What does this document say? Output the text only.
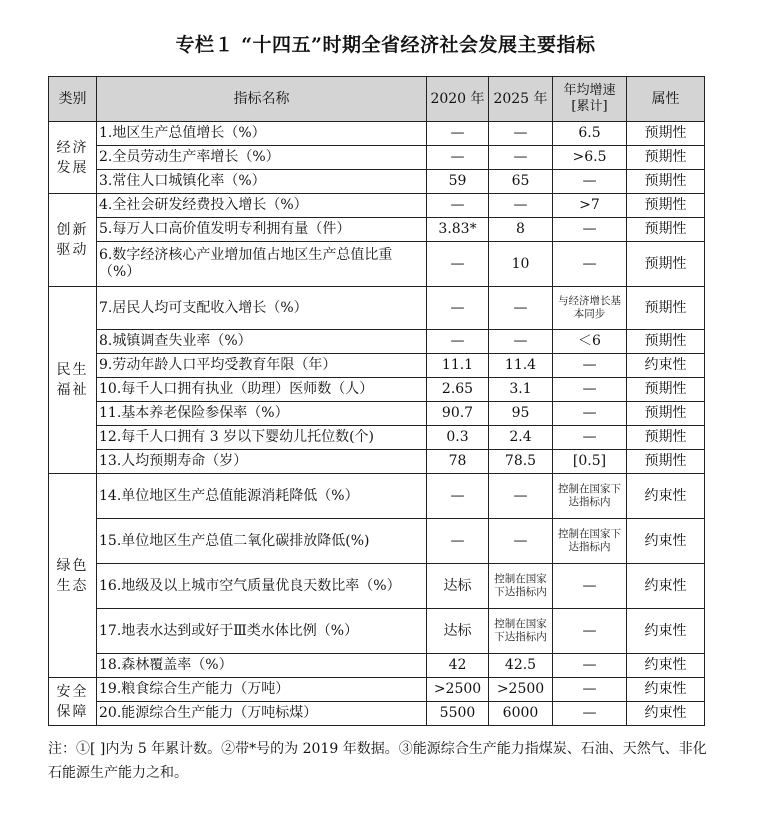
专栏１ “十四五”时期全省经济社会发展主要指标
类别	指标名称	2020 年	2025 年	年均增速[累计]	属性
经济发展	1.地区生产总值增长（%）	—	—	6.5	预期性
	2.全员劳动生产率增长（%）	—	—	>6.5	预期性
	3.常住人口城镇化率（%）	59	65	—	预期性
创新驱动	4.全社会研发经费投入增长（%）	—	—	>7	预期性
	5.每万人口高价值发明专利拥有量（件）	3.83*	8	—	预期性
	6.数字经济核心产业增加值占地区生产总值比重（%）	—	10	—	预期性
民生福祉	7.居民人均可支配收入增长（%）	—	—	与经济增长基本同步	预期性
	8.城镇调查失业率（%）	—	—	＜6	预期性
	9.劳动年龄人口平均受教育年限（年）	11.1	11.4	—	约束性
	10.每千人口拥有执业（助理）医师数（人）	2.65	3.1	—	预期性
	11.基本养老保险参保率（%）	90.7	95	—	预期性
	12.每千人口拥有 3 岁以下婴幼儿托位数(个)	0.3	2.4	—	预期性
	13.人均预期寿命（岁）	78	78.5	[0.5]	预期性
绿色生态	14.单位地区生产总值能源消耗降低（%）	—	—	控制在国家下达指标内	约束性
	15.单位地区生产总值二氧化碳排放降低(%)	—	—	控制在国家下达指标内	约束性
	16.地级及以上城市空气质量优良天数比率（%）	达标	控制在国家下达指标内	—	约束性
	17.地表水达到或好于Ⅲ类水体比例（%）	达标	控制在国家下达指标内	—	约束性
	18.森林覆盖率（%）	42	42.5	—	约束性
安全保障	19.粮食综合生产能力（万吨）	>2500	>2500	—	约束性
	20.能源综合生产能力（万吨标煤）	5500	6000	—	约束性
注：①[ ]内为 5 年累计数。②带*号的为 2019 年数据。③能源综合生产能力指煤炭、石油、天然气、非化石能源生产能力之和。
